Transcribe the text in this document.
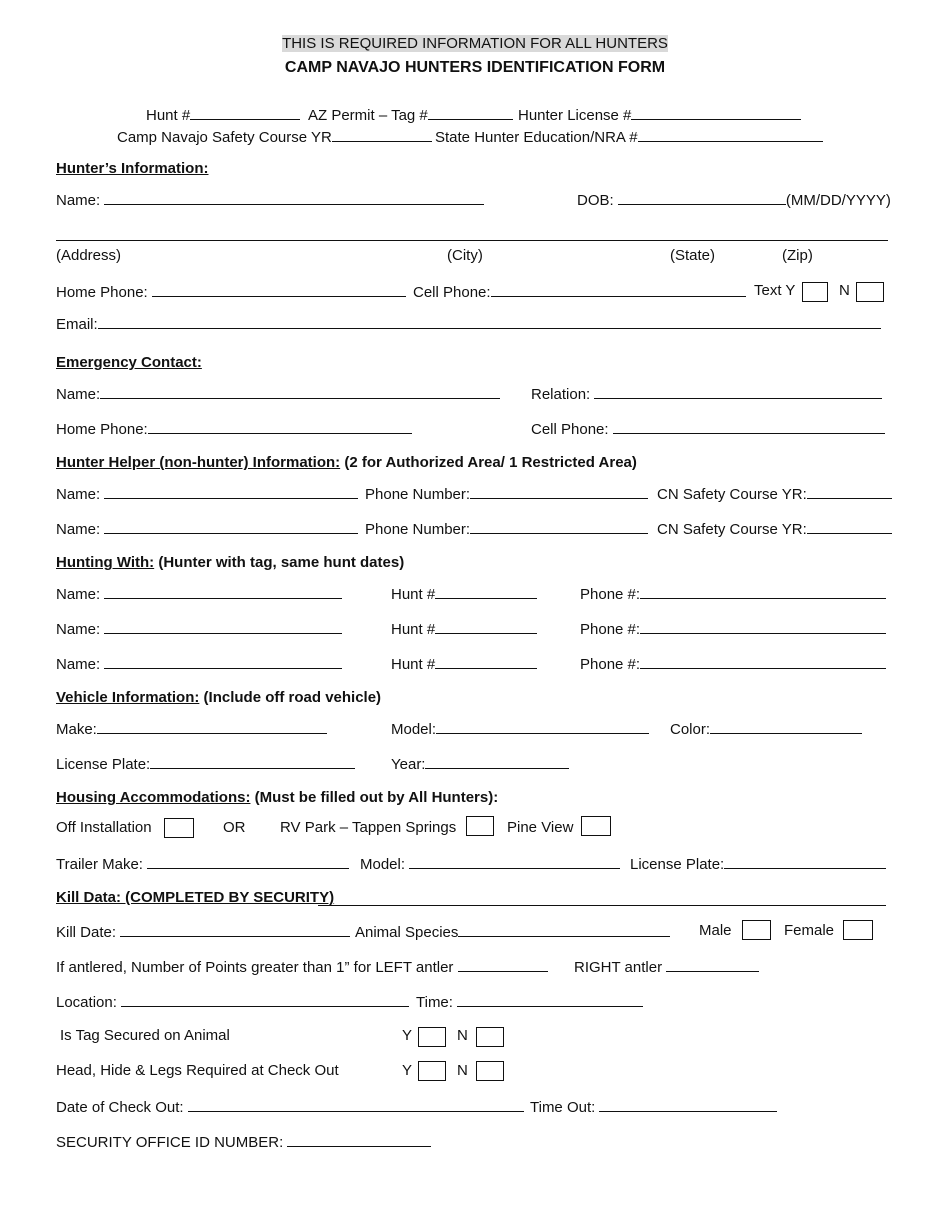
THIS IS REQUIRED INFORMATION FOR ALL HUNTERS
CAMP NAVAJO HUNTERS IDENTIFICATION FORM
Hunt #	AZ Permit – Tag #	Hunter License #
Camp Navajo Safety Course YR	State Hunter Education/NRA #
Hunter’s Information:
Name:	DOB:	(MM/DD/YYYY)
(Address)	(City)	(State)	(Zip)
Home Phone:	Cell Phone:	Text Y	N
Email:
Emergency Contact:
Name:	Relation:
Home Phone:	Cell Phone:
Hunter Helper (non-hunter) Information: (2 for Authorized Area/ 1 Restricted Area)
Name:	Phone Number:	CN Safety Course YR:
Name:	Phone Number:	CN Safety Course YR:
Hunting With: (Hunter with tag, same hunt dates)
Name:	Hunt #	Phone #:
Name:	Hunt #	Phone #:
Name:	Hunt #	Phone #:
Vehicle Information: (Include off road vehicle)
Make:	Model:	Color:
License Plate:	Year:
Housing Accommodations: (Must be filled out by All Hunters):
Off Installation	OR RV Park – Tappen Springs	Pine View
Trailer Make:	Model:	License Plate:
Kill Data: (COMPLETED BY SECURITY)
Kill Date:	Animal Species	Male	Female
If antlered, Number of Points greater than 1” for LEFT antler	RIGHT antler
Location:	Time:
Is Tag Secured on Animal	Y	N
Head, Hide & Legs Required at Check Out	Y	N
Date of Check Out:	Time Out:
SECURITY OFFICE ID NUMBER:
